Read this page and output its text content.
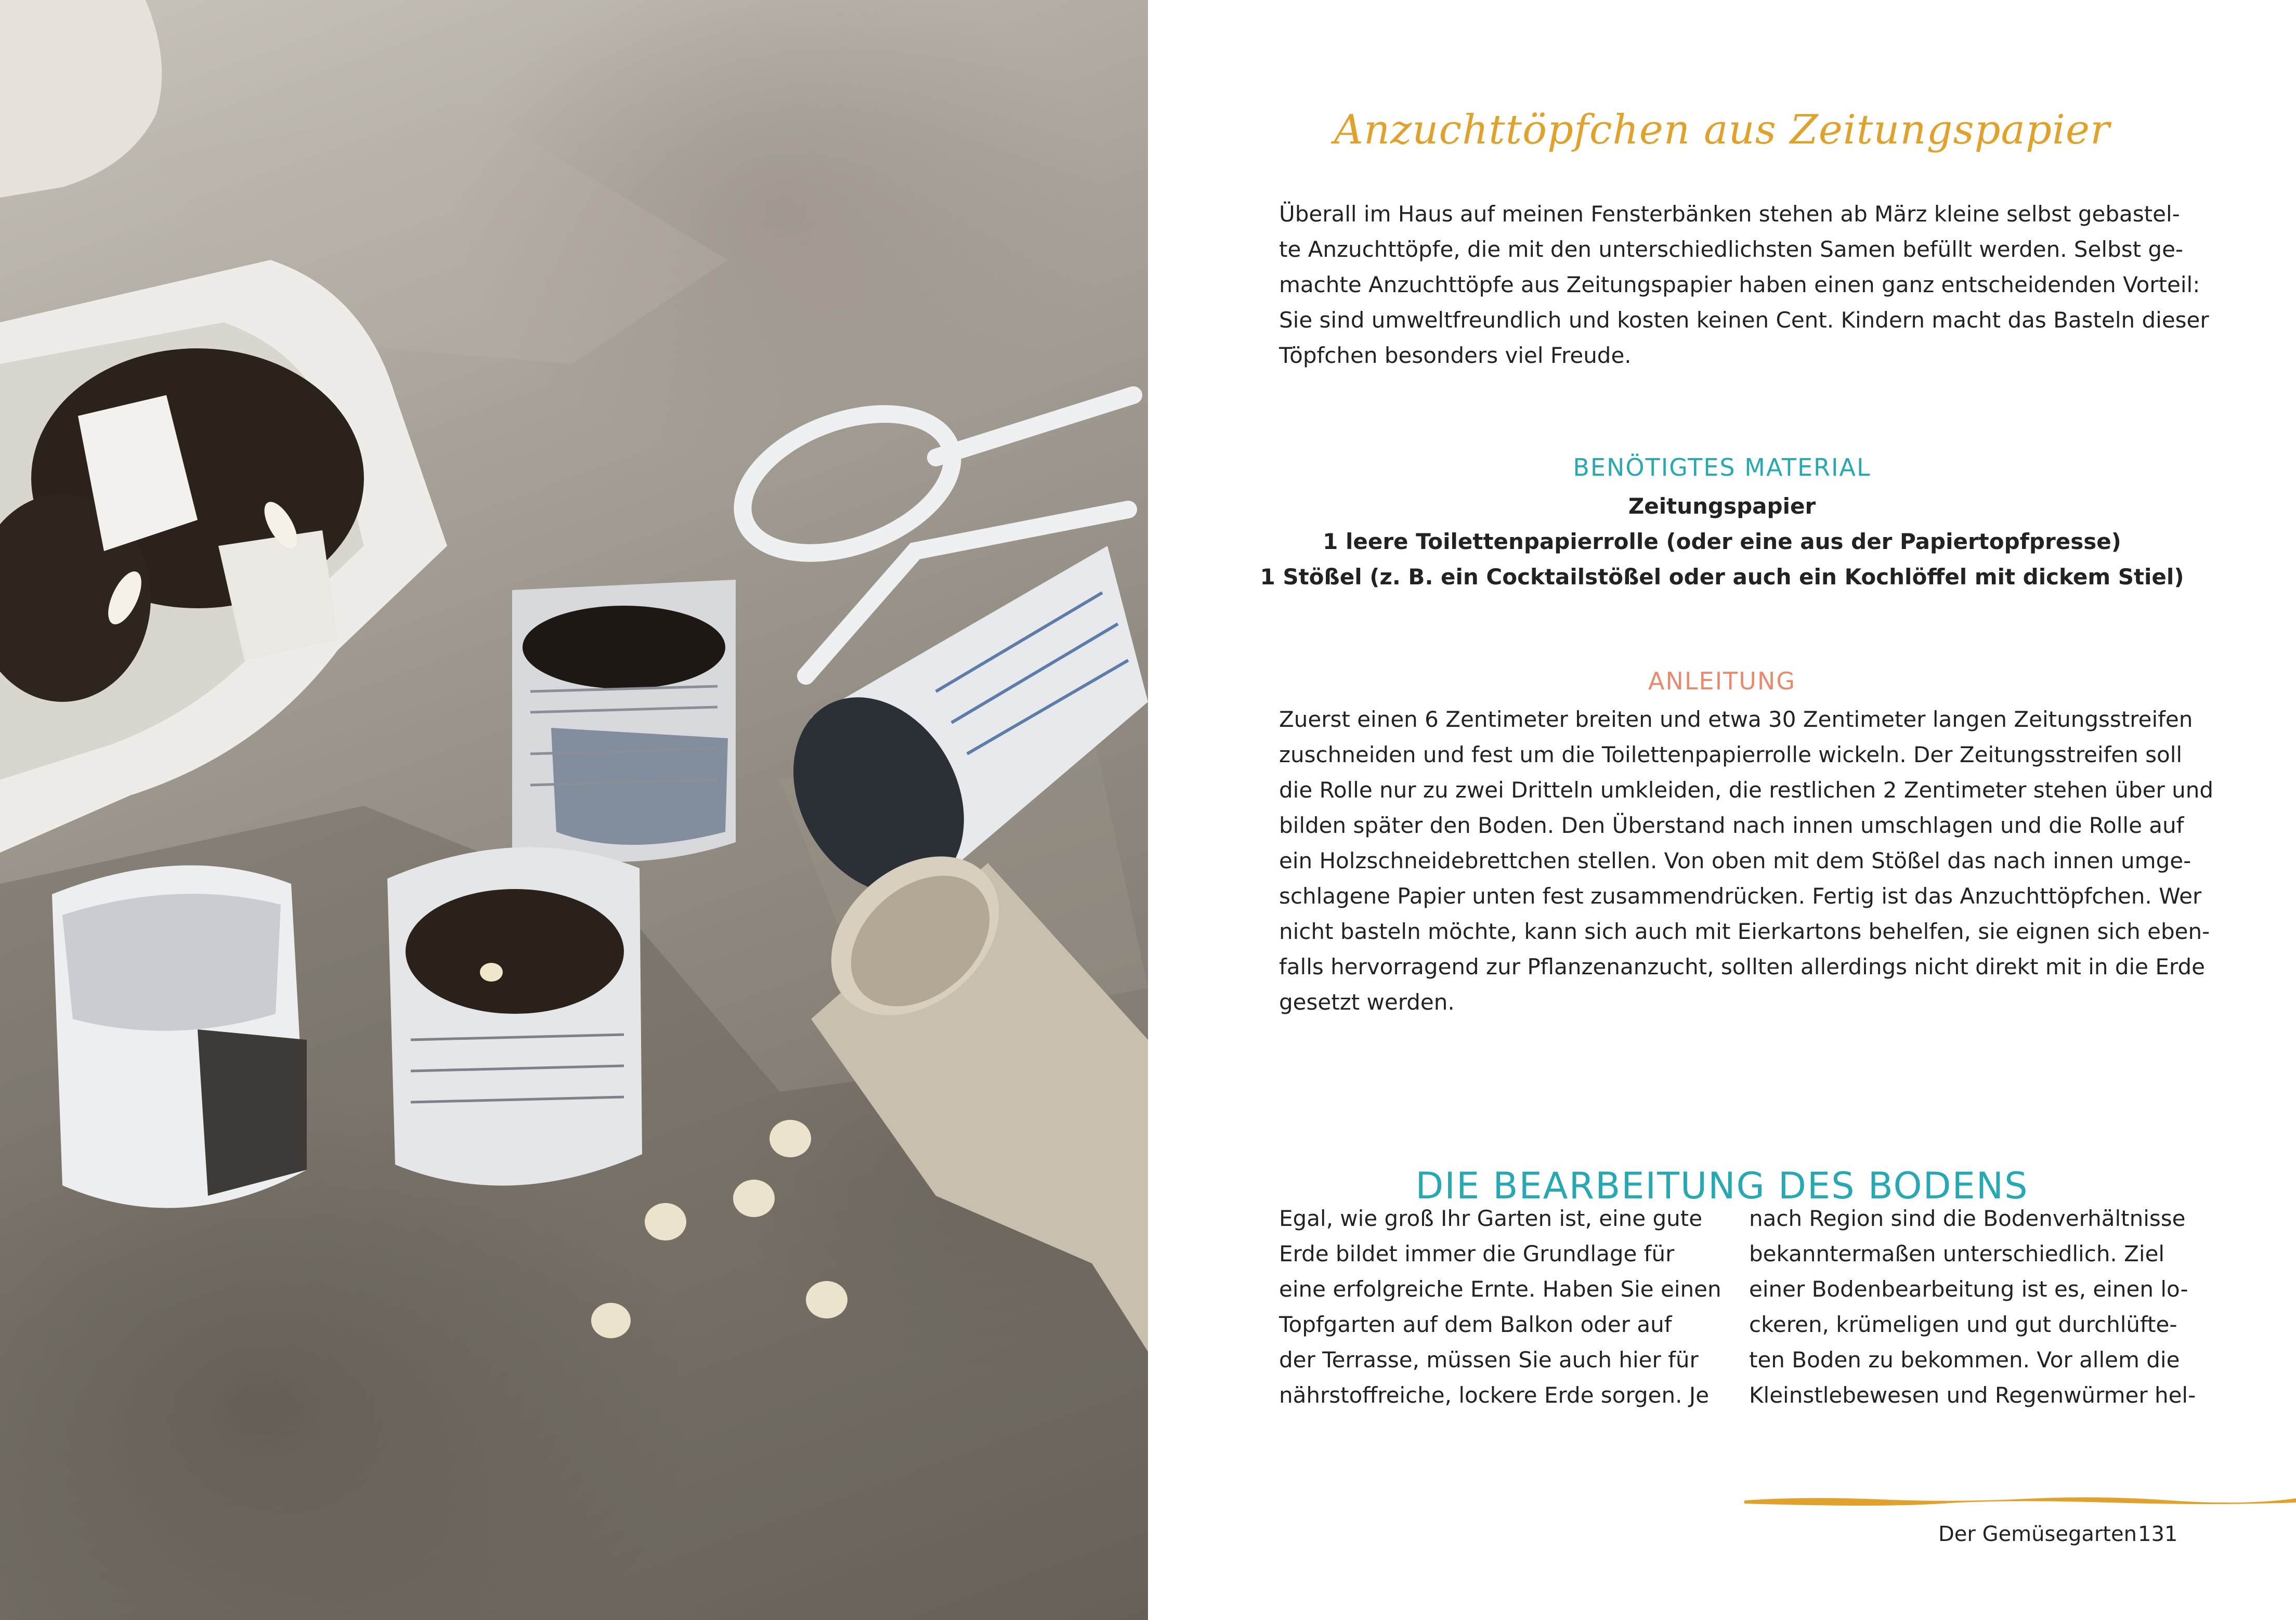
Anzuchttöpfchen aus Zeitungspapier
Überall im Haus auf meinen Fensterbänken stehen ab März kleine selbst gebastel-
te Anzuchttöpfe, die mit den unterschiedlichsten Samen befüllt werden. Selbst ge-
machte Anzuchttöpfe aus Zeitungspapier haben einen ganz entscheidenden Vorteil:
Sie sind umweltfreundlich und kosten keinen Cent. Kindern macht das Basteln dieser
Töpfchen besonders viel Freude.
BENÖTIGTES MATERIAL
Zeitungspapier
1 leere Toilettenpapierrolle (oder eine aus der Papiertopfpresse)
1 Stößel (z. B. ein Cocktailstößel oder auch ein Kochlöffel mit dickem Stiel)
ANLEITUNG
Zuerst einen 6 Zentimeter breiten und etwa 30 Zentimeter langen Zeitungsstreifen
zuschneiden und fest um die Toilettenpapierrolle wickeln. Der Zeitungsstreifen soll
die Rolle nur zu zwei Dritteln umkleiden, die restlichen 2 Zentimeter stehen über und
bilden später den Boden. Den Überstand nach innen umschlagen und die Rolle auf
ein Holzschneidebrettchen stellen. Von oben mit dem Stößel das nach innen umge-
schlagene Papier unten fest zusammendrücken. Fertig ist das Anzuchttöpfchen. Wer
nicht basteln möchte, kann sich auch mit Eierkartons behelfen, sie eignen sich eben-
falls hervorragend zur Pflanzenanzucht, sollten allerdings nicht direkt mit in die Erde
gesetzt werden.
DIE BEARBEITUNG DES BODENS
Egal, wie groß Ihr Garten ist, eine gute
Erde bildet immer die Grundlage für
eine erfolgreiche Ernte. Haben Sie einen
Topfgarten auf dem Balkon oder auf
der Terrasse, müssen Sie auch hier für
nährstoffreiche, lockere Erde sorgen. Je
nach Region sind die Bodenverhältnisse
bekanntermaßen unterschiedlich. Ziel
einer Bodenbearbeitung ist es, einen lo-
ckeren, krümeligen und gut durchlüfte-
ten Boden zu bekommen. Vor allem die
Kleinstlebewesen und Regenwürmer hel-
Der Gemüsegarten 131
